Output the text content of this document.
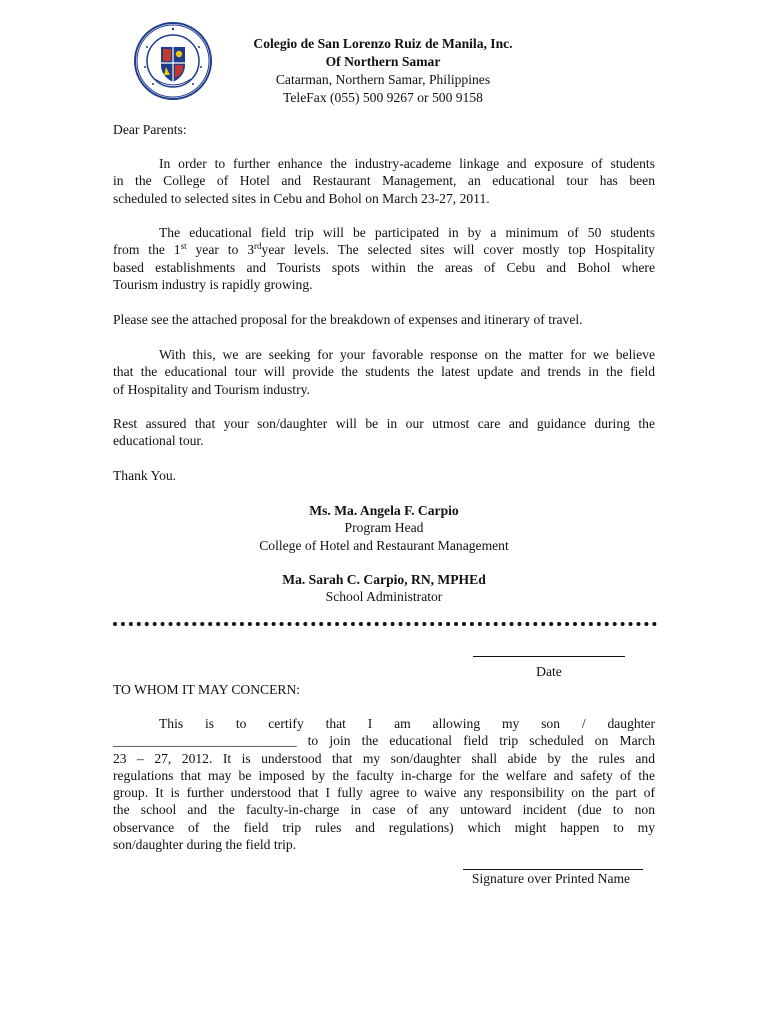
Colegio de San Lorenzo Ruiz de Manila, Inc.
Of Northern Samar
Catarman, Northern Samar, Philippines
TeleFax (055) 500 9267 or 500 9158
Dear Parents:
In order to further enhance the industry-academe linkage and exposure of students
in the College of Hotel and Restaurant Management, an educational tour has been
scheduled to selected sites in Cebu and Bohol on March 23-27, 2011.
The educational field trip will be participated in by a minimum of 50 students
from the 1st year to 3rdyear levels. The selected sites will cover mostly top Hospitality
based establishments and Tourists spots within the areas of Cebu and Bohol where
Tourism industry is rapidly growing.
Please see the attached proposal for the breakdown of expenses and itinerary of travel.
With this, we are seeking for your favorable response on the matter for we believe
that the educational tour will provide the students the latest update and trends in the field
of Hospitality and Tourism industry.
Rest assured that your son/daughter will be in our utmost care and guidance during the
educational tour.
Thank You.
Ms. Ma. Angela F. Carpio
Program Head
College of Hotel and Restaurant Management
Ma. Sarah C. Carpio, RN, MPHEd
School Administrator
Date
TO WHOM IT MAY CONCERN:
This is to certify that I am allowing my son / daughter
___________________________ to join the educational field trip scheduled on March
23 – 27, 2012. It is understood that my son/daughter shall abide by the rules and
regulations that may be imposed by the faculty in-charge for the welfare and safety of the
group. It is further understood that I fully agree to waive any responsibility on the part of
the school and the faculty-in-charge in case of any untoward incident (due to non
observance of the field trip rules and regulations) which might happen to my
son/daughter during the field trip.
Signature over Printed Name
